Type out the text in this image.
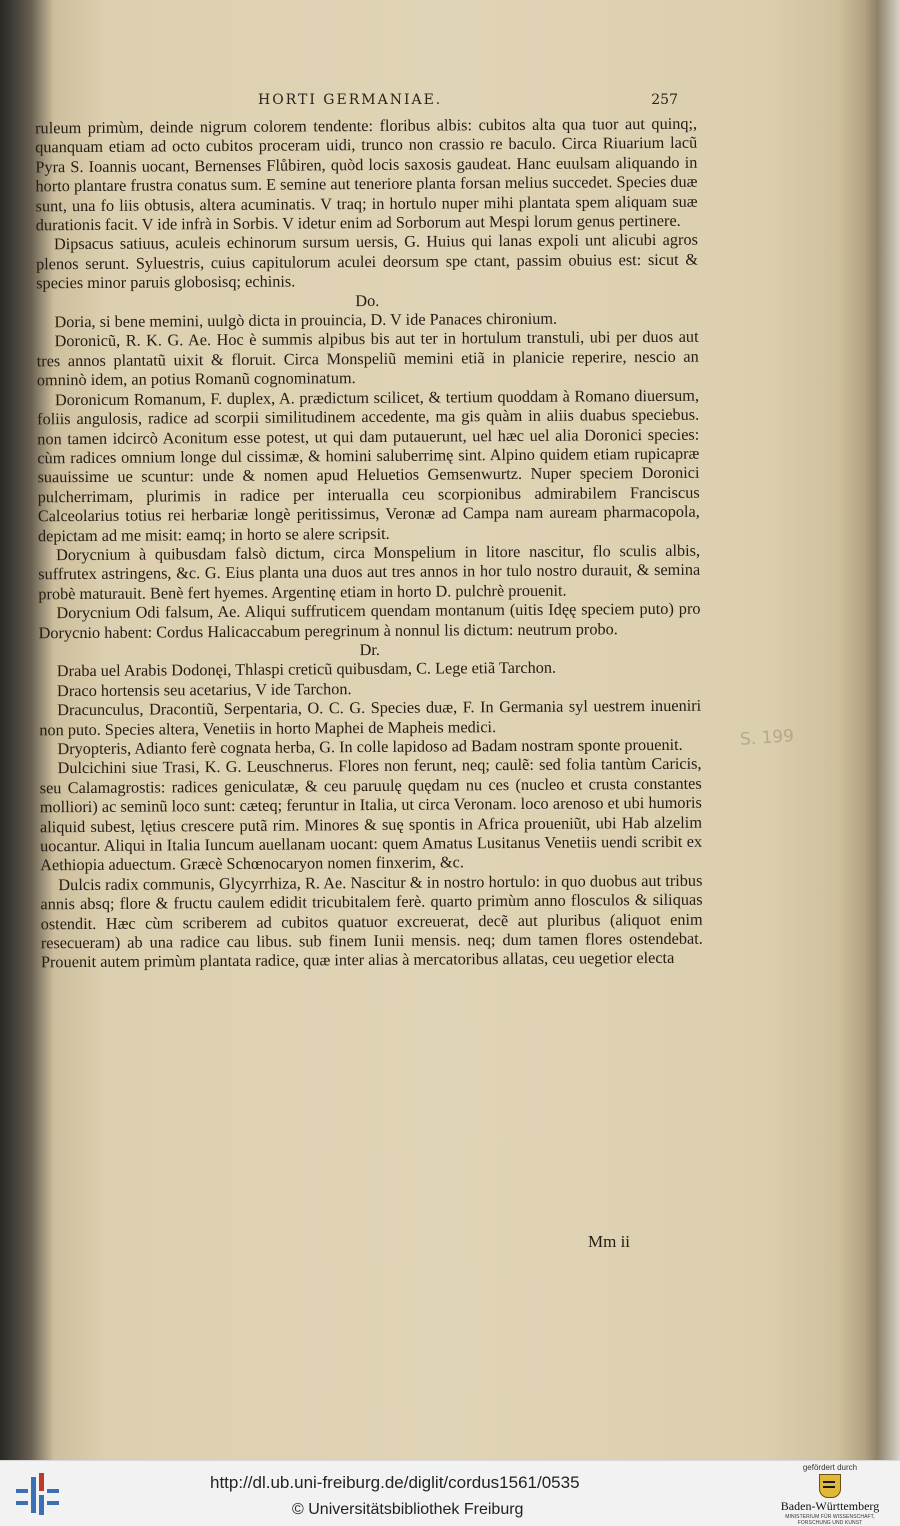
HORTI GERMANIAE.	257

ruleum primùm, deinde nigrum colorem tendente: floribus albis: cubitos alta qua tuor aut quinq;, quanquam etiam ad octo cubitos proceram uidi, trunco non crassio re baculo. Circa Riuarium lacũ Pyra S. Ioannis uocant, Bernenses Flůbiren, quòd locis saxosis gaudeat. Hanc euulsam aliquando in horto plantare frustra conatus sum. E semine aut teneriore planta forsan melius succedet. Species duæ sunt, una fo liis obtusis, altera acuminatis. V traq; in hortulo nuper mihi plantata spem aliquam suæ durationis facit. V ide infrà in Sorbis. V idetur enim ad Sorborum aut Mespi lorum genus pertinere.

Dipsacus satiuus, aculeis echinorum sursum uersis, G. Huius qui lanas expoli unt alicubi agros plenos serunt. Syluestris, cuius capitulorum aculei deorsum spe ctant, passim obuius est: sicut & species minor paruis globosisq; echinis.

Do.

Doria, si bene memini, uulgò dicta in prouincia, D. V ide Panaces chironium.

Doronicũ, R. K. G. Ae. Hoc è summis alpibus bis aut ter in hortulum transtuli, ubi per duos aut tres annos plantatũ uixit & floruit. Circa Monspeliũ memini etiã in planicie reperire, nescio an omninò idem, an potius Romanũ cognominatum.

Doronicum Romanum, F. duplex, A. prædictum scilicet, & tertium quoddam à Romano diuersum, foliis angulosis, radice ad scorpii similitudinem accedente, ma gis quàm in aliis duabus speciebus. non tamen idcircò Aconitum esse potest, ut qui dam putauerunt, uel hæc uel alia Doronici species: cùm radices omnium longe dul cissimæ, & homini saluberrimę sint. Alpino quidem etiam rupicapræ suauissime ue scuntur: unde & nomen apud Heluetios Gemsenwurtz. Nuper speciem Doronici pulcherrimam, plurimis in radice per interualla ceu scorpionibus admirabilem Franciscus Calceolarius totius rei herbariæ longè peritissimus, Veronæ ad Campa nam auream pharmacopola, depictam ad me misit: eamq; in horto se alere scripsit.

Dorycnium à quibusdam falsò dictum, circa Monspelium in litore nascitur, flo sculis albis, suffrutex astringens, &c. G. Eius planta una duos aut tres annos in hor tulo nostro durauit, & semina probè maturauit. Benè fert hyemes. Argentinę etiam in horto D. pulchrè prouenit.

Dorycnium Odi falsum, Ae. Aliqui suffruticem quendam montanum (uitis Idęę speciem puto) pro Dorycnio habent: Cordus Halicaccabum peregrinum à nonnul lis dictum: neutrum probo.

Dr.

Draba uel Arabis Dodonęi, Thlaspi creticũ quibusdam, C. Lege etiã Tarchon.

Draco hortensis seu acetarius, V ide Tarchon.

Dracunculus, Dracontiũ, Serpentaria, O. C. G. Species duæ, F. In Germania syl uestrem inueniri non puto. Species altera, Venetiis in horto Maphei de Mapheis medici.

Dryopteris, Adianto ferè cognata herba, G. In colle lapidoso ad Badam nostram sponte prouenit.

Dulcichini siue Trasi, K. G. Leuschnerus. Flores non ferunt, neq; caulẽ: sed folia tantùm Caricis, seu Calamagrostis: radices geniculatæ, & ceu paruulę quędam nu ces (nucleo et crusta constantes molliori) ac seminũ loco sunt: cæteq; feruntur in Italia, ut circa Veronam. loco arenoso et ubi humoris aliquid subest, lętius crescere putã rim. Minores & suę spontis in Africa proueniũt, ubi Hab alzelim uocantur. Aliqui in Italia Iuncum auellanam uocant: quem Amatus Lusitanus Venetiis uendi scribit ex Aethiopia aduectum. Græcè Schœnocaryon nomen finxerim, &c.

Dulcis radix communis, Glycyrrhiza, R. Ae. Nascitur & in nostro hortulo: in quo duobus aut tribus annis absq; flore & fructu caulem edidit tricubitalem ferè. quarto primùm anno flosculos & siliquas ostendit. Hæc cùm scriberem ad cubitos quatuor excreuerat, decẽ aut pluribus (aliquot enim resecueram) ab una radice cau libus. sub finem Iunii mensis. neq; dum tamen flores ostendebat. Prouenit autem primùm plantata radice, quæ inter alias à mercatoribus allatas, ceu uegetior electa

Mm ii
S. 199
http://dl.ub.uni-freiburg.de/diglit/cordus1561/0535
© Universitätsbibliothek Freiburg
gefördert durch
Baden-Württemberg
MINISTERIUM FÜR WISSENSCHAFT, FORSCHUNG UND KUNST
